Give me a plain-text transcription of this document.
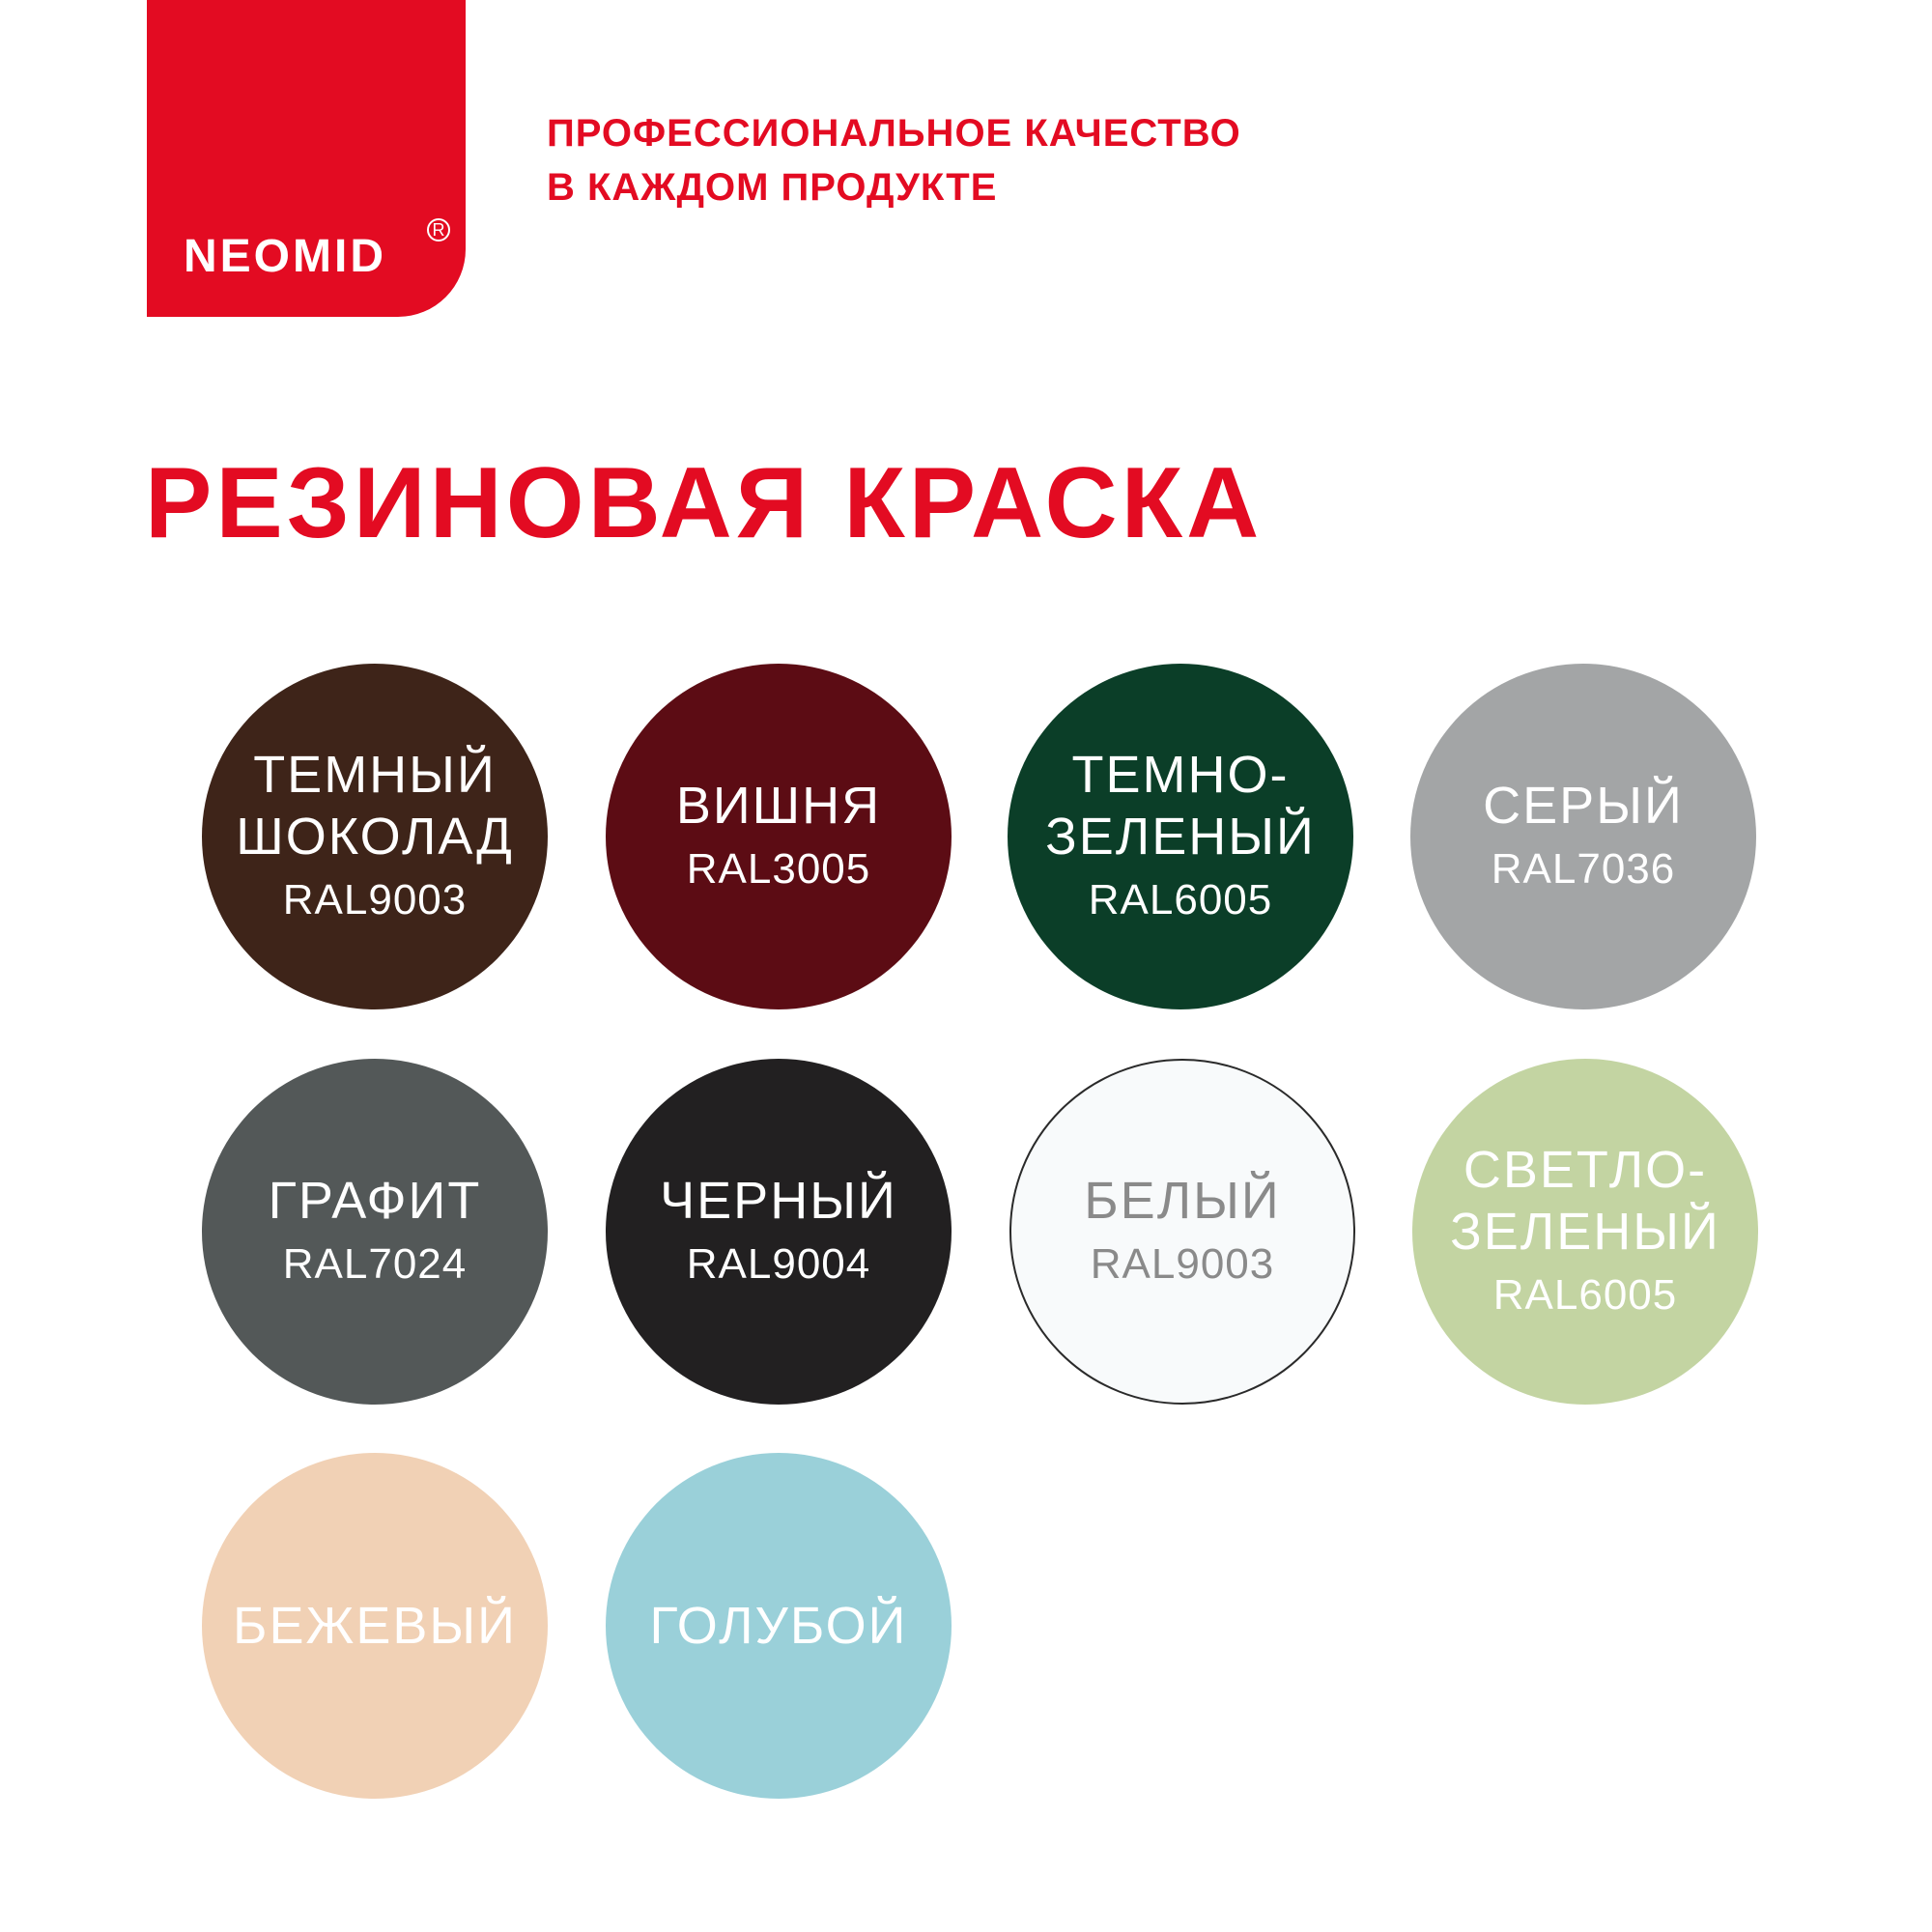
NEOMID
R
ПРОФЕССИОНАЛЬНОЕ КАЧЕСТВО
В КАЖДОМ ПРОДУКТЕ
РЕЗИНОВАЯ КРАСКА
ТЕМНЫЙ
ШОКОЛАД
RAL9003
ВИШНЯ
RAL3005
ТЕМНО-
ЗЕЛЕНЫЙ
RAL6005
СЕРЫЙ
RAL7036
ГРАФИТ
RAL7024
ЧЕРНЫЙ
RAL9004
БЕЛЫЙ
RAL9003
СВЕТЛО-
ЗЕЛЕНЫЙ
RAL6005
БЕЖЕВЫЙ	ГОЛУБОЙ
